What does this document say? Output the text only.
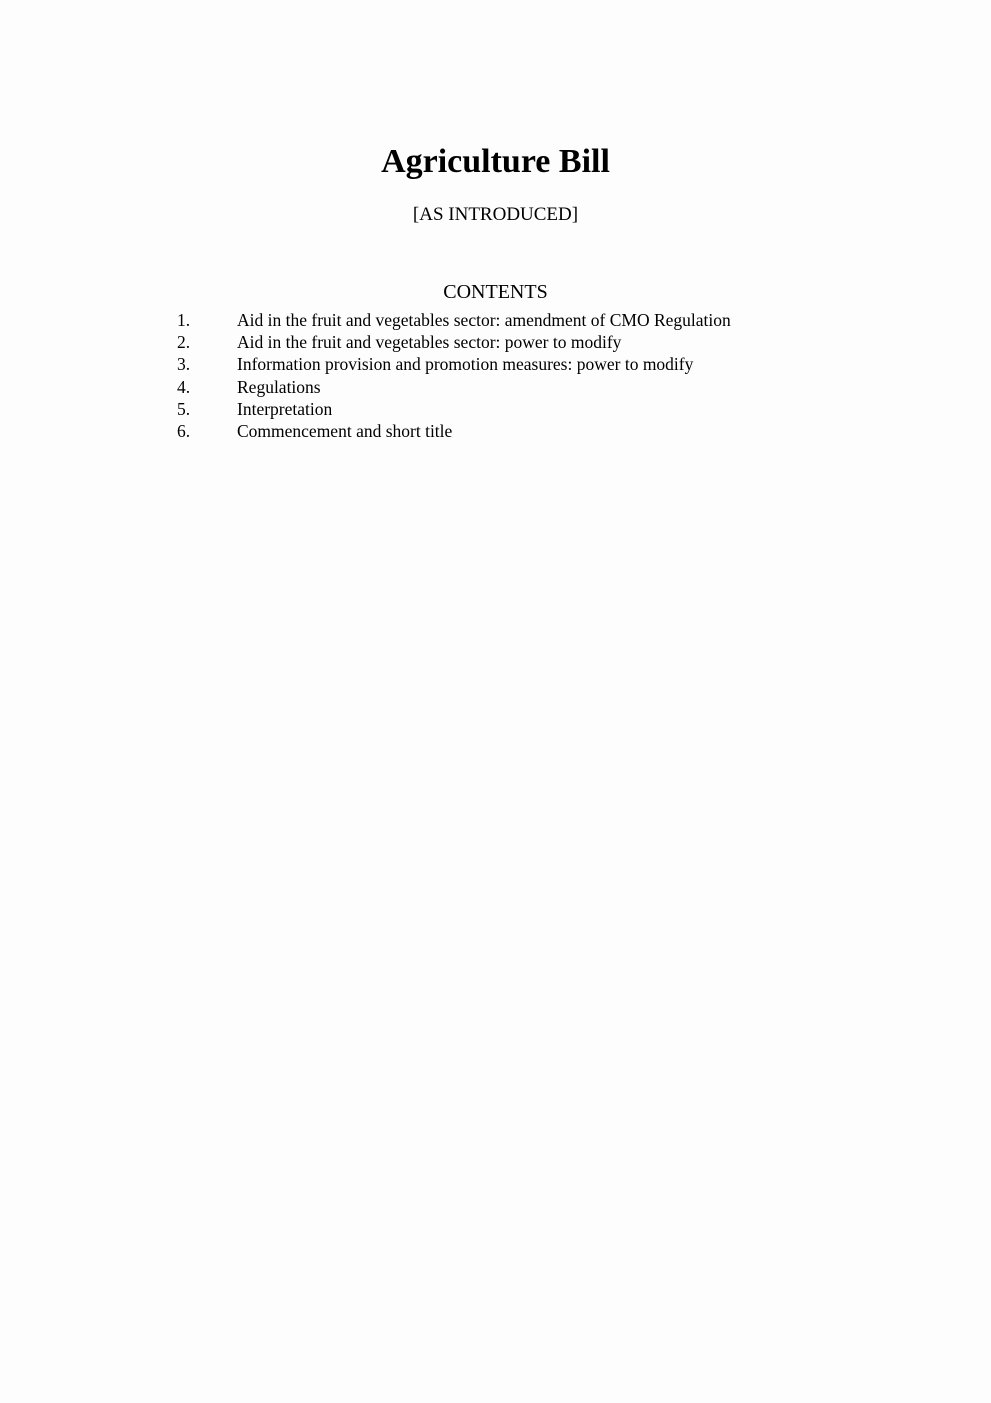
Agriculture Bill
[AS INTRODUCED]
CONTENTS
1.	Aid in the fruit and vegetables sector: amendment of CMO Regulation
2.	Aid in the fruit and vegetables sector: power to modify
3.	Information provision and promotion measures: power to modify
4.	Regulations
5.	Interpretation
6.	Commencement and short title
